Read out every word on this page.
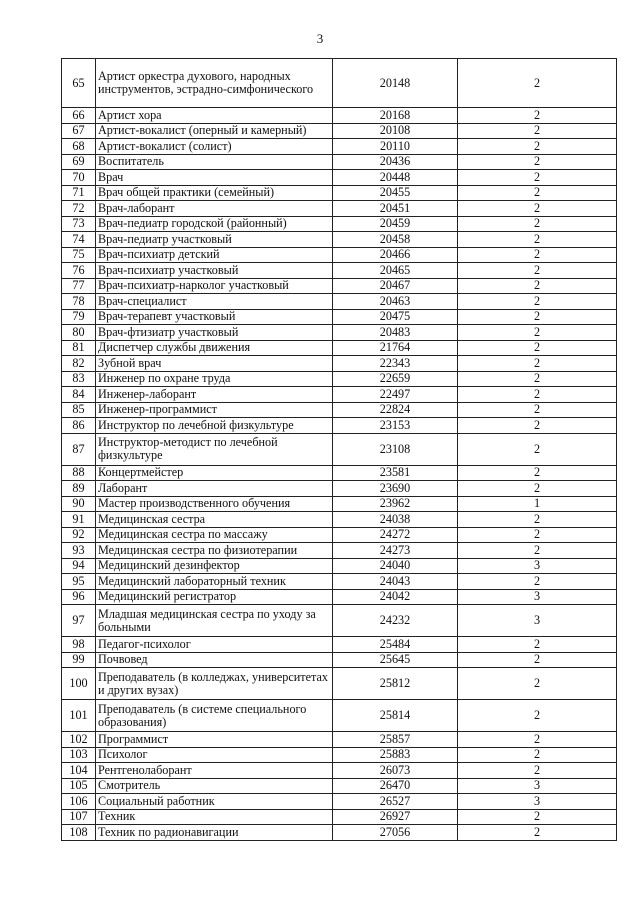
3
65	Артист оркестра духового, народных инструментов, эстрадно-симфонического	20148	2
66	Артист хора	20168	2
67	Артист-вокалист (оперный и камерный)	20108	2
68	Артист-вокалист (солист)	20110	2
69	Воспитатель	20436	2
70	Врач	20448	2
71	Врач общей практики (семейный)	20455	2
72	Врач-лаборант	20451	2
73	Врач-педиатр городской (районный)	20459	2
74	Врач-педиатр участковый	20458	2
75	Врач-психиатр детский	20466	2
76	Врач-психиатр участковый	20465	2
77	Врач-психиатр-нарколог участковый	20467	2
78	Врач-специалист	20463	2
79	Врач-терапевт участковый	20475	2
80	Врач-фтизиатр участковый	20483	2
81	Диспетчер службы движения	21764	2
82	Зубной врач	22343	2
83	Инженер по охране труда	22659	2
84	Инженер-лаборант	22497	2
85	Инженер-программист	22824	2
86	Инструктор по лечебной физкультуре	23153	2
87	Инструктор-методист по лечебной физкультуре	23108	2
88	Концертмейстер	23581	2
89	Лаборант	23690	2
90	Мастер производственного обучения	23962	1
91	Медицинская сестра	24038	2
92	Медицинская сестра по массажу	24272	2
93	Медицинская сестра по физиотерапии	24273	2
94	Медицинский дезинфектор	24040	3
95	Медицинский лабораторный техник	24043	2
96	Медицинский регистратор	24042	3
97	Младшая медицинская сестра по уходу за больными	24232	3
98	Педагог-психолог	25484	2
99	Почвовед	25645	2
100	Преподаватель (в колледжах, университетах и других вузах)	25812	2
101	Преподаватель (в системе специального образования)	25814	2
102	Программист	25857	2
103	Психолог	25883	2
104	Рентгенолаборант	26073	2
105	Смотритель	26470	3
106	Социальный работник	26527	3
107	Техник	26927	2
108	Техник по радионавигации	27056	2
